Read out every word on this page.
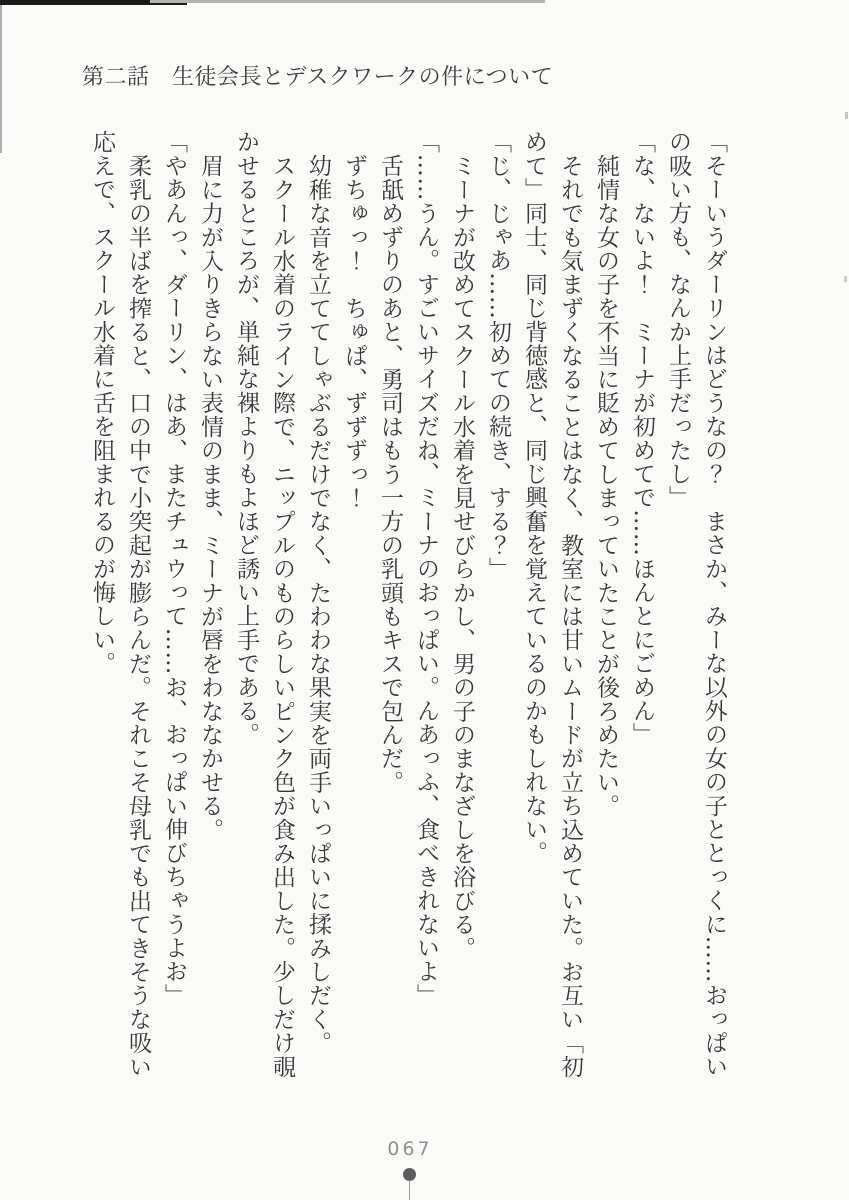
第二話　生徒会長とデスクワークの件について

「そーいうダーリンはどうなの？　まさか、みーな以外の女の子ととっくに……おっぱい

の吸い方も、なんか上手だったし」

「な、ないよ！　ミーナが初めてで……ほんとにごめん」

純情な女の子を不当に貶めてしまっていたことが後ろめたい。

それでも気まずくなることはなく、教室には甘いムードが立ち込めていた。お互い「初

めて」同士、同じ背徳感と、同じ興奮を覚えているのかもしれない。

「じ、じゃあ……初めての続き、する？」

ミーナが改めてスクール水着を見せびらかし、男の子のまなざしを浴びる。

「……うん。すごいサイズだね、ミーナのおっぱい。んあっふ、食べきれないよ」

舌舐めずりのあと、勇司はもう一方の乳頭もキスで包んだ。

ずちゅっ！　ちゅぱ、ずずずっ！

幼稚な音を立ててしゃぶるだけでなく、たわわな果実を両手いっぱいに揉みしだく。

スクール水着のライン際で、ニップルのものらしいピンク色が食み出した。少しだけ覗

かせるところが、単純な裸よりもよほど誘い上手である。

眉に力が入りきらない表情のまま、ミーナが唇をわななかせる。

「やあんっ、ダーリン、はあ、またチュウって……お、おっぱい伸びちゃうよお」

柔乳の半ばを搾ると、口の中で小突起が膨らんだ。それこそ母乳でも出てきそうな吸い

応えで、スクール水着に舌を阻まれるのが悔しい。

067
